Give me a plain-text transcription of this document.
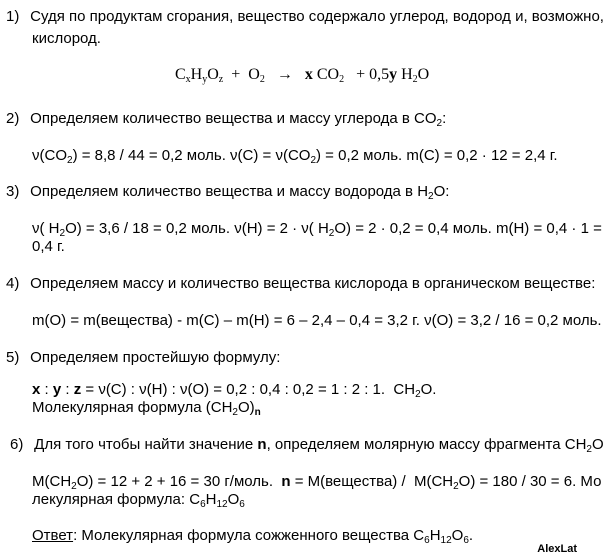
1) Судя по продуктам сгорания, вещество содержало углерод, водород и, возможно,
кислород.
$C_xH_yO_z + O_2 \to x$ $CO_2 + 0,5y$ $H_2O$
2) Определяем количество вещества и массу углерода в $CO_2$:
$\nu(CO_2) = 8,8 / 44 = 0,2$ моль. $\nu(C) = \nu(CO_2) = 0,2$ моль. m(C) = 0,2 · 12 = 2,4 г.
3) Определяем количество вещества и массу водорода в $H_2O$:
ν( $H_2O) = 3,6 / 18 = 0,2$ моль. ν(H) = 2 · ν( $H_2O) = 2 \cdot 0,2 = 0,4$ моль. m(H) = 0,4 · 1 =
0,4 г.
4) Определяем массу и количество вещества кислорода в органическом веществе:
m(O) = m(вещества) - m(C) – m(H) = 6 – 2,4 – 0,4 = 3,2 г. ν(O) = 3,2 / 16 = 0,2 моль.
5) Определяем простейшую формулу:
x : y : z = ν(C) : ν(H) : ν(O) = 0,2 : 0,4 : 0,2 = 1 : 2 : 1.  $CH_2O$.
Молекулярная формула $(CH_2O)_n$
6) Для того чтобы найти значение n, определяем молярную массу фрагмента $CH_2O$
$M(CH_2O) = 12 + 2 + 16 = 30$ г/моль.  n = M(вещества) /  $M(CH_2O) = 180 / 30 = 6$. Мо
лекулярная формула: $C_6H_{12}O_6$
Ответ: Молекулярная формула сожженного вещества $C_6H_{12}O_6$.
AlexLat
